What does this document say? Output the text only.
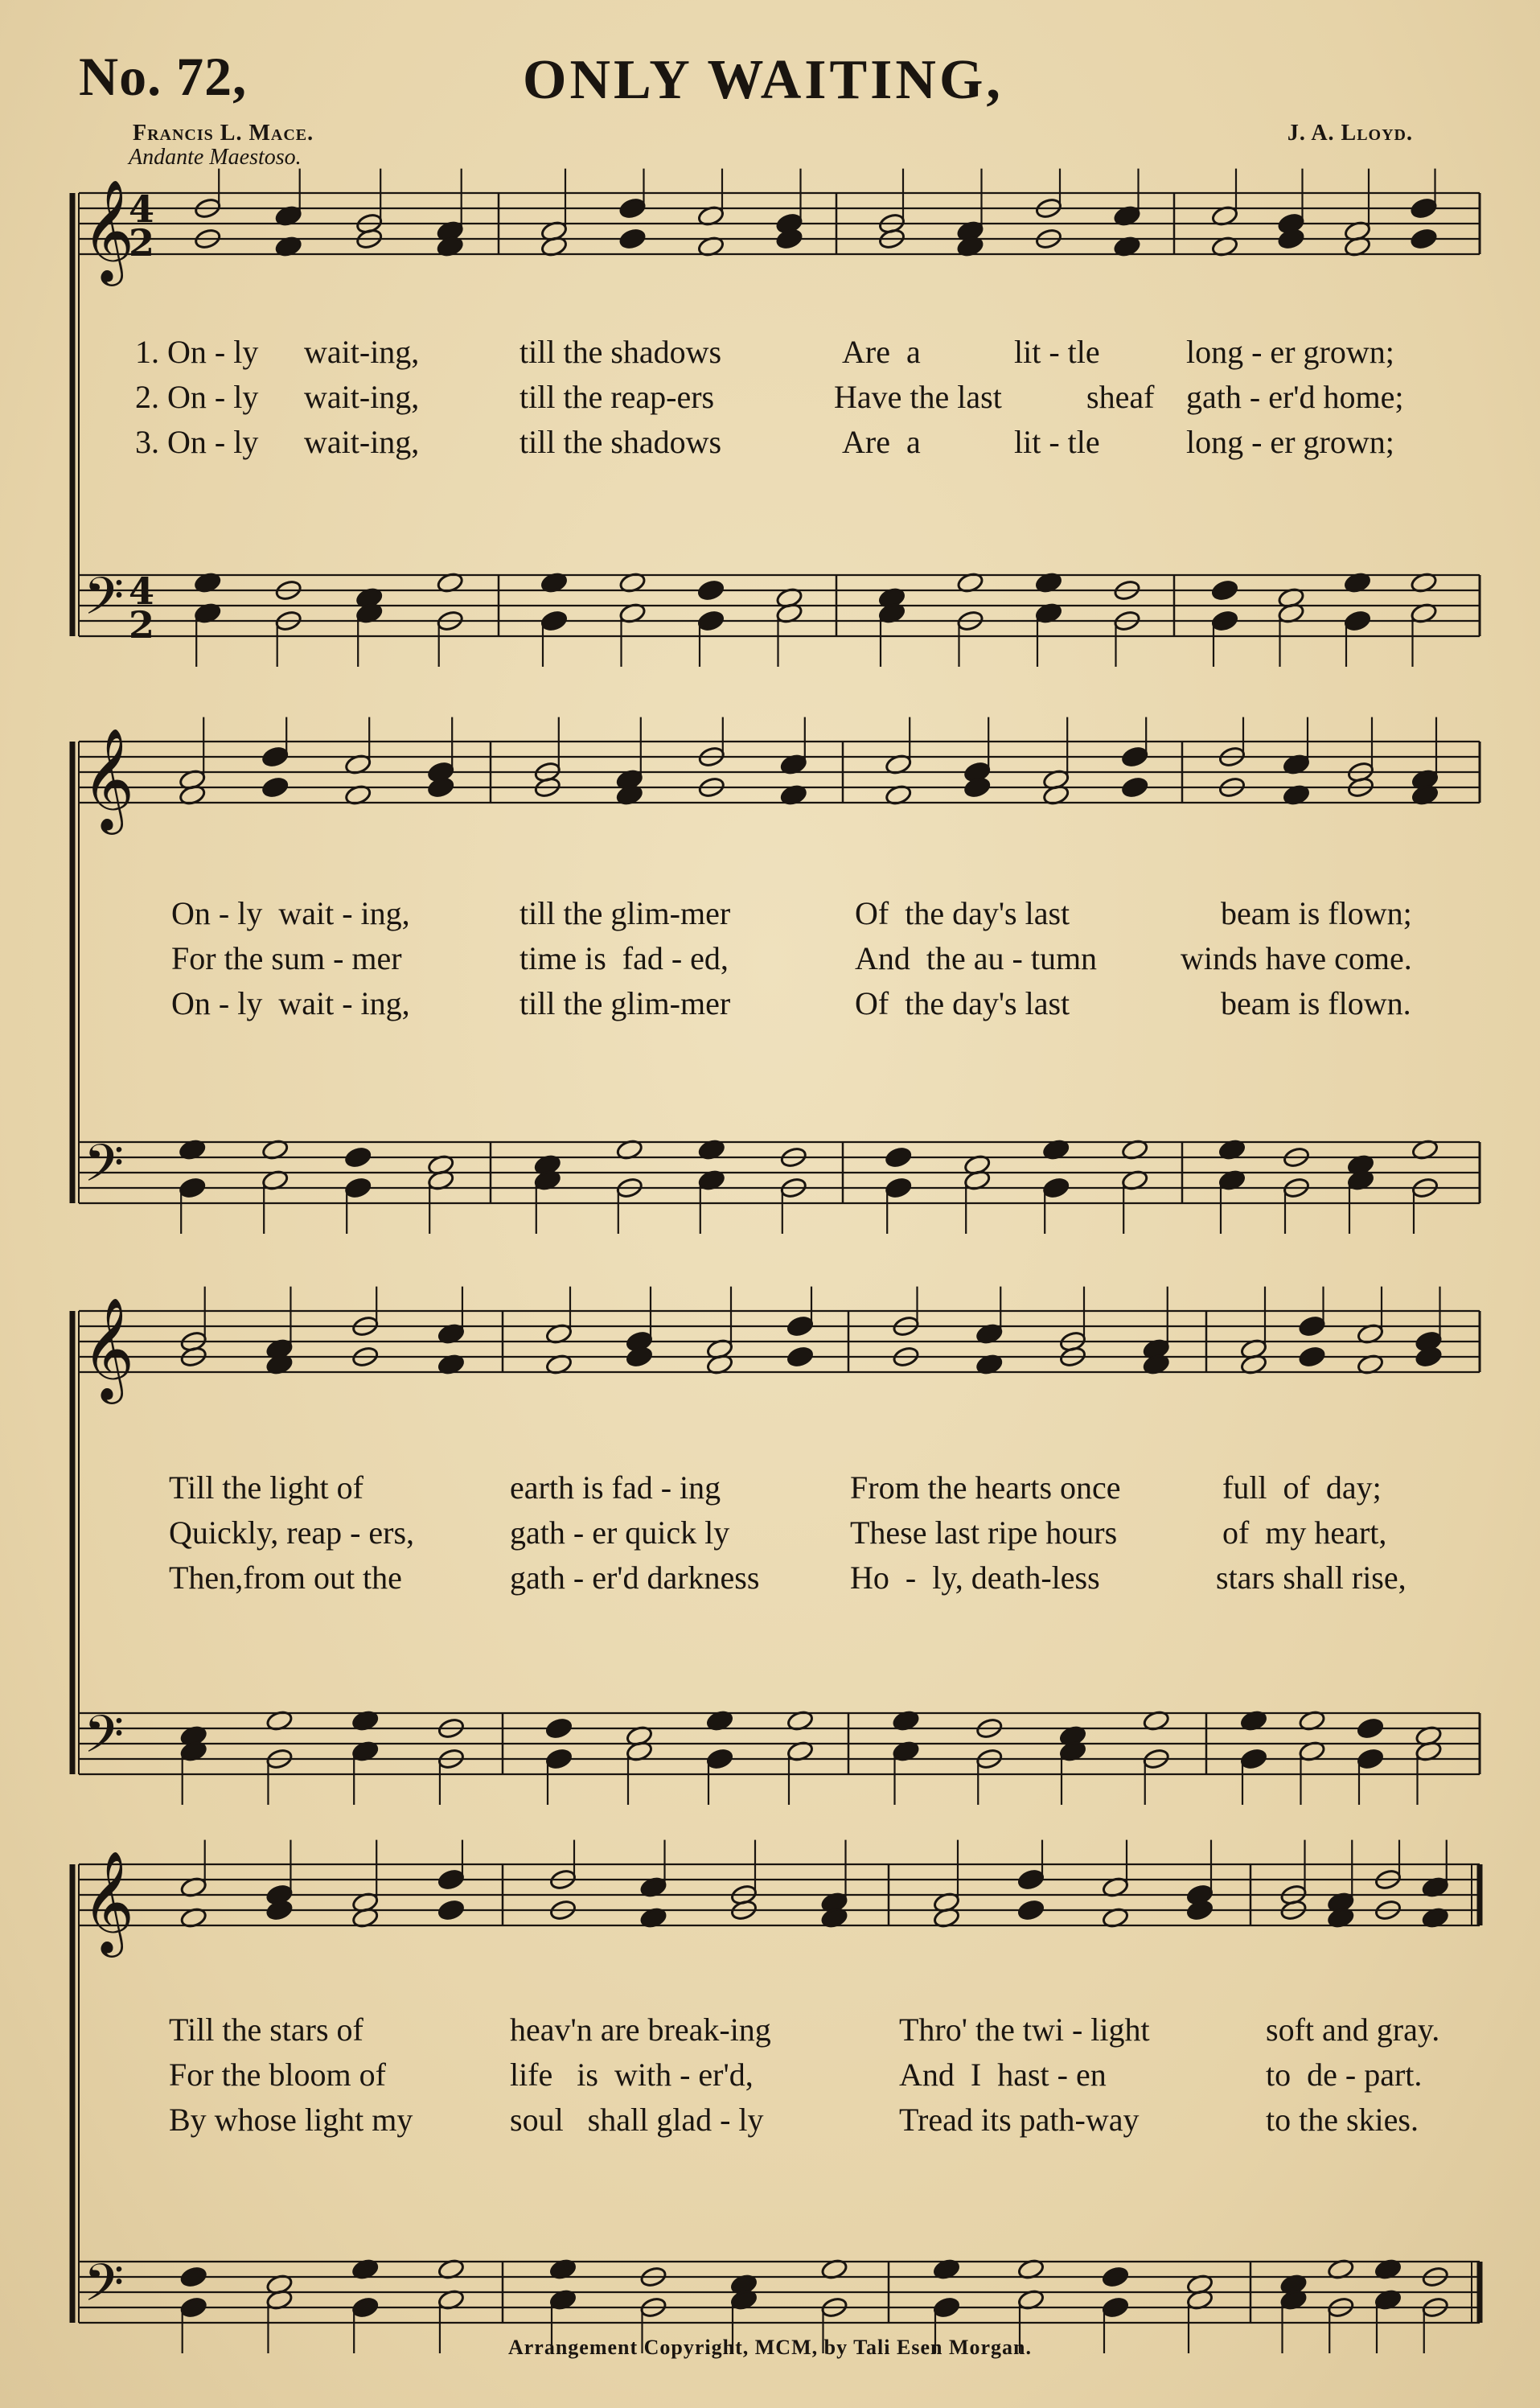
No. 72,	ONLY WAITING,
Francis L. Mace.
Andante Maestoso.
J. A. Lloyd.
𝄞
𝄢
4
2
4
2
𝄞
𝄢
𝄞
𝄢
𝄞
𝄢
1. On - ly wait-ing,	till the shadows	Are  a	lit - tle	long - er grown;
2. On - ly wait-ing,	till the reap-ers	Have the last	sheaf gath - er'd home;
3. On - ly wait-ing,	till the shadows	Are  a	lit - tle	long - er grown;
On - ly  wait - ing,	till the glim-mer	Of  the day's last	beam is flown;
For the sum - mer	time is  fad - ed,	And  the au - tumn	winds have come.
On - ly  wait - ing,	till the glim-mer	Of  the day's last	beam is flown.
Till the light of	earth is fad - ing	From the hearts once	full  of  day;
Quickly, reap - ers,	gath - er quick ly	These last ripe hours	of  my heart,
Then,from out the	gath - er'd darkness	Ho  -  ly, death-less	stars shall rise,
Till the stars of	heav'n are break-ing	Thro' the twi - light	soft and gray.
For the bloom of	life   is  with - er'd,	And  I  hast - en	to  de - part.
By whose light my	soul   shall glad - ly	Tread its path-way	to the skies.
Arrangement Copyright, MCM, by Tali Esen Morgan.
